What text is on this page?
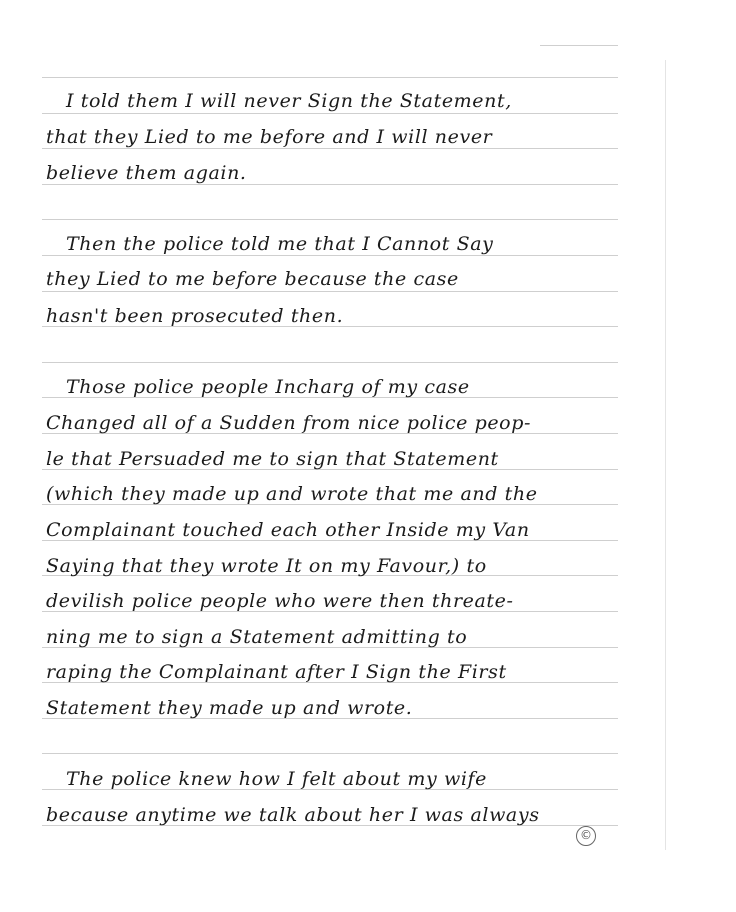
I told them I will never Sign the Statement,
that they Lied to me before and I will never
believe them again.
Then the police told me that I Cannot Say
they Lied to me before because the case
hasn't been prosecuted then.
Those police people Incharg of my case
Changed all of a Sudden from nice police peop-
le that Persuaded me to sign that Statement
(which they made up and wrote that me and the
Complainant touched each other Inside my Van
Saying that they wrote It on my Favour,) to
devilish police people who were then threate-
ning me to sign a Statement admitting to
raping the Complainant after I Sign the First
Statement they made up and wrote.
The police knew how I felt about my wife
because anytime we talk about her I was always
©
